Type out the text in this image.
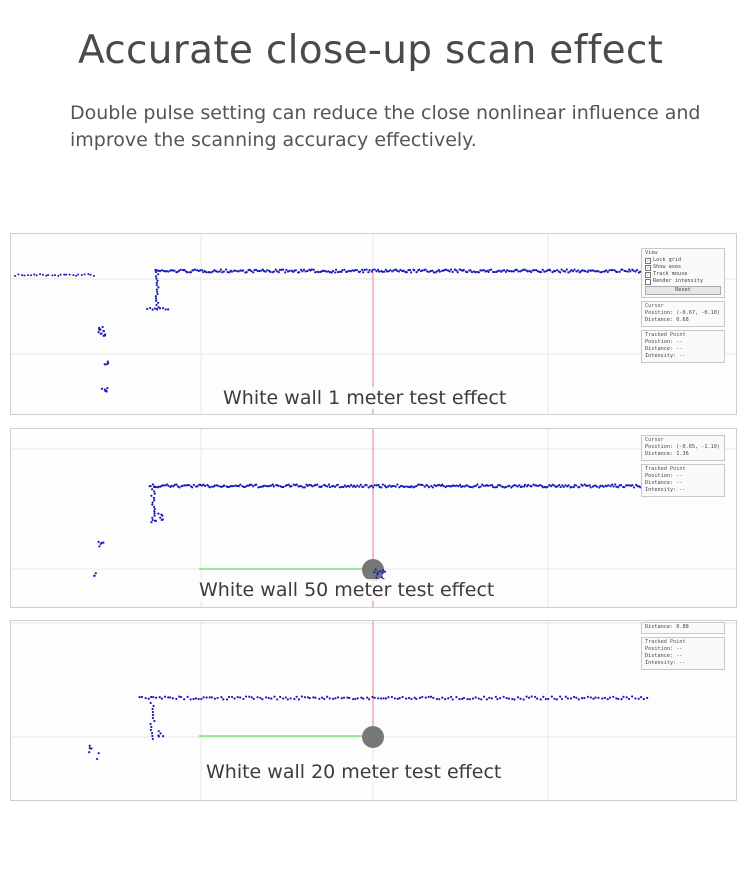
Accurate close-up scan effect

Double pulse setting can reduce the close nonlinear influence and improve the scanning accuracy effectively.

View
✓ Lock grid
✓ Show axes
✓ Track mouse
Render intensity
Reset
Cursor
Position: (-0.67, -0.10)
Distance: 0.68
Tracked Point
Position: --
Distance: --
Intensity: --
White wall 1 meter test effect
Cursor
Position: (-0.65, -1.19)
Distance: 1.36
Tracked Point
Position: --
Distance: --
Intensity: --
White wall 50 meter test effect
Distance: 0.88
Tracked Point
Position: --
Distance: --
Intensity: --
White wall 20 meter test effect
